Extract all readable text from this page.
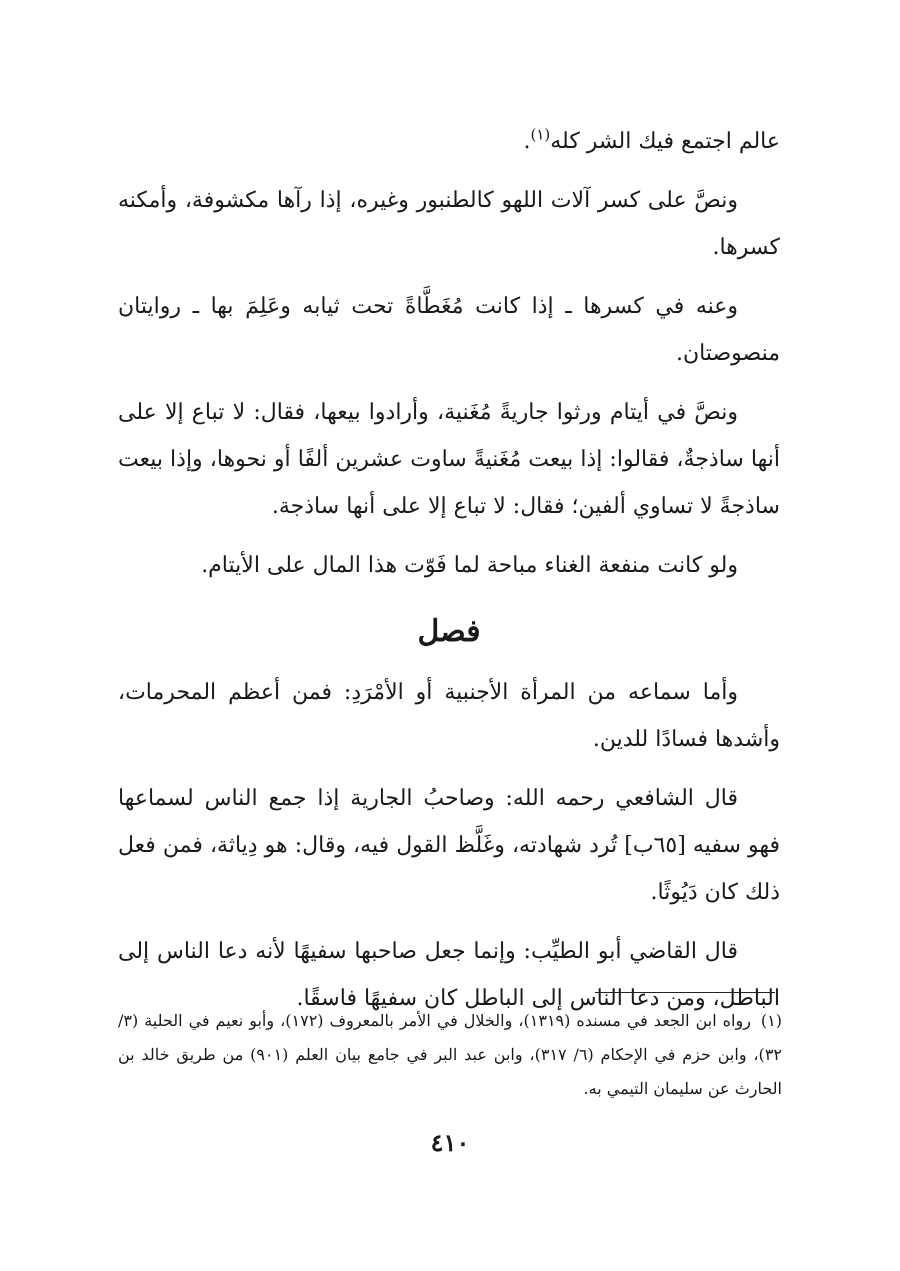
عالم اجتمع فيك الشر كله$^{(١)}$.

ونصَّ على كسر آلات اللهو كالطنبور وغيره، إذا رآها مكشوفة، وأمكنه كسرها.

وعنه في كسرها ـ إذا كانت مُغَطَّاةً تحت ثيابه وعَلِمَ بها ـ روايتان منصوصتان.

ونصَّ في أيتام ورثوا جاريةً مُغَنية، وأرادوا بيعها، فقال: لا تباع إلا على أنها ساذجةٌ، فقالوا: إذا بيعت مُغَنيةً ساوت عشرين ألفًا أو نحوها، وإذا بيعت ساذجةً لا تساوي ألفين؛ فقال: لا تباع إلا على أنها ساذجة.

ولو كانت منفعة الغناء مباحة لما فَوّت هذا المال على الأيتام.

فصل

وأما سماعه من المرأة الأجنبية أو الأمْرَدِ: فمن أعظم المحرمات، وأشدها فسادًا للدين.

قال الشافعي رحمه الله: وصاحبُ الجارية إذا جمع الناس لسماعها فهو سفيه [٦٥ب] تُرد شهادته، وغَلَّظ القول فيه، وقال: هو دِياثة، فمن فعل ذلك كان دَيُوثًا.

قال القاضي أبو الطيِّب: وإنما جعل صاحبها سفيهًا لأنه دعا الناس إلى الباطل، ومن دعا الناس إلى الباطل كان سفيهًا فاسقًا.

(١)رواه ابن الجعد في مسنده (١٣١٩)، والخلال في الأمر بالمعروف (١٧٢)، وأبو نعيم في الحلية (٣/ ٣٢)، وابن حزم في الإحكام (٦/ ٣١٧)، وابن عبد البر في جامع بيان العلم (٩٠١) من طريق خالد بن الحارث عن سليمان التيمي به.
٤١٠
